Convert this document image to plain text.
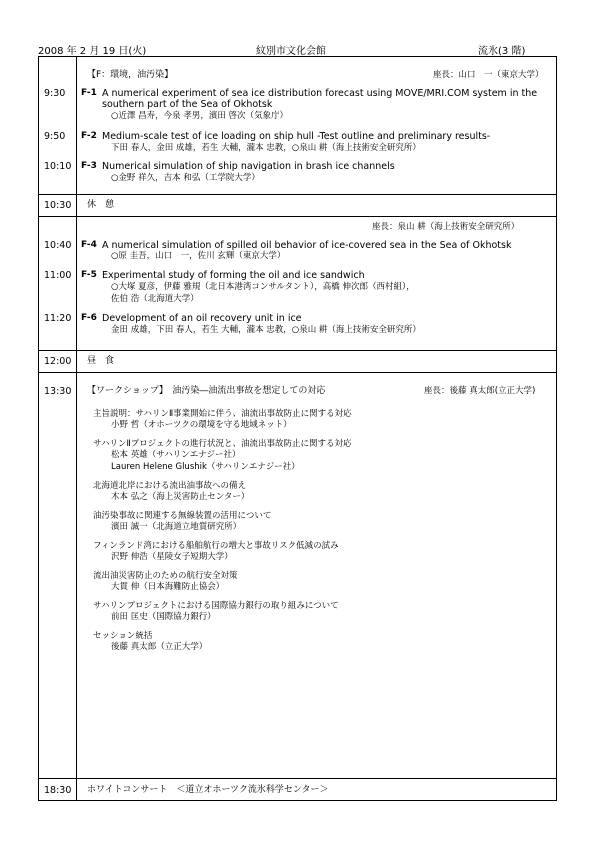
2008 年 2 月 19 日(火)	紋別市文化会館	流氷(3 階)
【F：環境，油汚染】	座長：山口　一（東京大学）
9:30 F-1 A numerical experiment of sea ice distribution forecast using MOVE/MRI.COM system in the
southern part of the Sea of Okhotsk
○近澤 昌寿，今泉 孝男，濱田 啓次（気象庁）
9:50 F-2 Medium-scale test of ice loading on ship hull -Test outline and preliminary results-
下田 春人，金田 成雄，若生 大輔，瀧本 忠教，○泉山 耕（海上技術安全研究所）
10:10 F-3 Numerical simulation of ship navigation in brash ice channels
○金野 祥久，吉本 和弘（工学院大学）
10:30 休　憩
座長：泉山 耕（海上技術安全研究所）
10:40 F-4 A numerical simulation of spilled oil behavior of ice-covered sea in the Sea of Okhotsk
○原 圭吾，山口　一，佐川 玄輝（東京大学）
11:00 F-5 Experimental study of forming the oil and ice sandwich
○大塚 夏彦，伊藤 雅規（北日本港湾コンサルタント），高橋 伸次郎（西村組），
佐伯 浩（北海道大学）
11:20 F-6 Development of an oil recovery unit in ice
金田 成雄，下田 春人，若生 大輔，瀧本 忠教，○泉山 耕（海上技術安全研究所）
12:00 昼　食
13:30 【ワークショップ】　油汚染―油流出事故を想定しての対応	座長：後藤 真太郎(立正大学)
主旨説明：サハリンⅡ事業開始に伴う、油流出事故防止に関する対応
小野 哲（オホーツクの環境を守る地域ネット）
サハリンⅡプロジェクトの進行状況と、油流出事故防止に関する対応
松本 英雄（サハリンエナジー社）
Lauren Helene Glushik（サハリンエナジー社）
北海道北岸における流出油事故への備え
木本 弘之（海上災害防止センター）
油汚染事故に関連する無線装置の活用について
濱田 誠一（北海道立地質研究所）
フィンランド湾における船舶航行の増大と事故リスク低減の試み
沢野 伸浩（星陵女子短期大学）
流出油災害防止のための航行安全対策
大貫 伸（日本海難防止協会）
サハリンプロジェクトにおける国際協力銀行の取り組みについて
前田 匡史（国際協力銀行）
セッション統括
後藤 真太郎（立正大学）
18:30 ホワイトコンサート　＜道立オホーツク流氷科学センター＞
